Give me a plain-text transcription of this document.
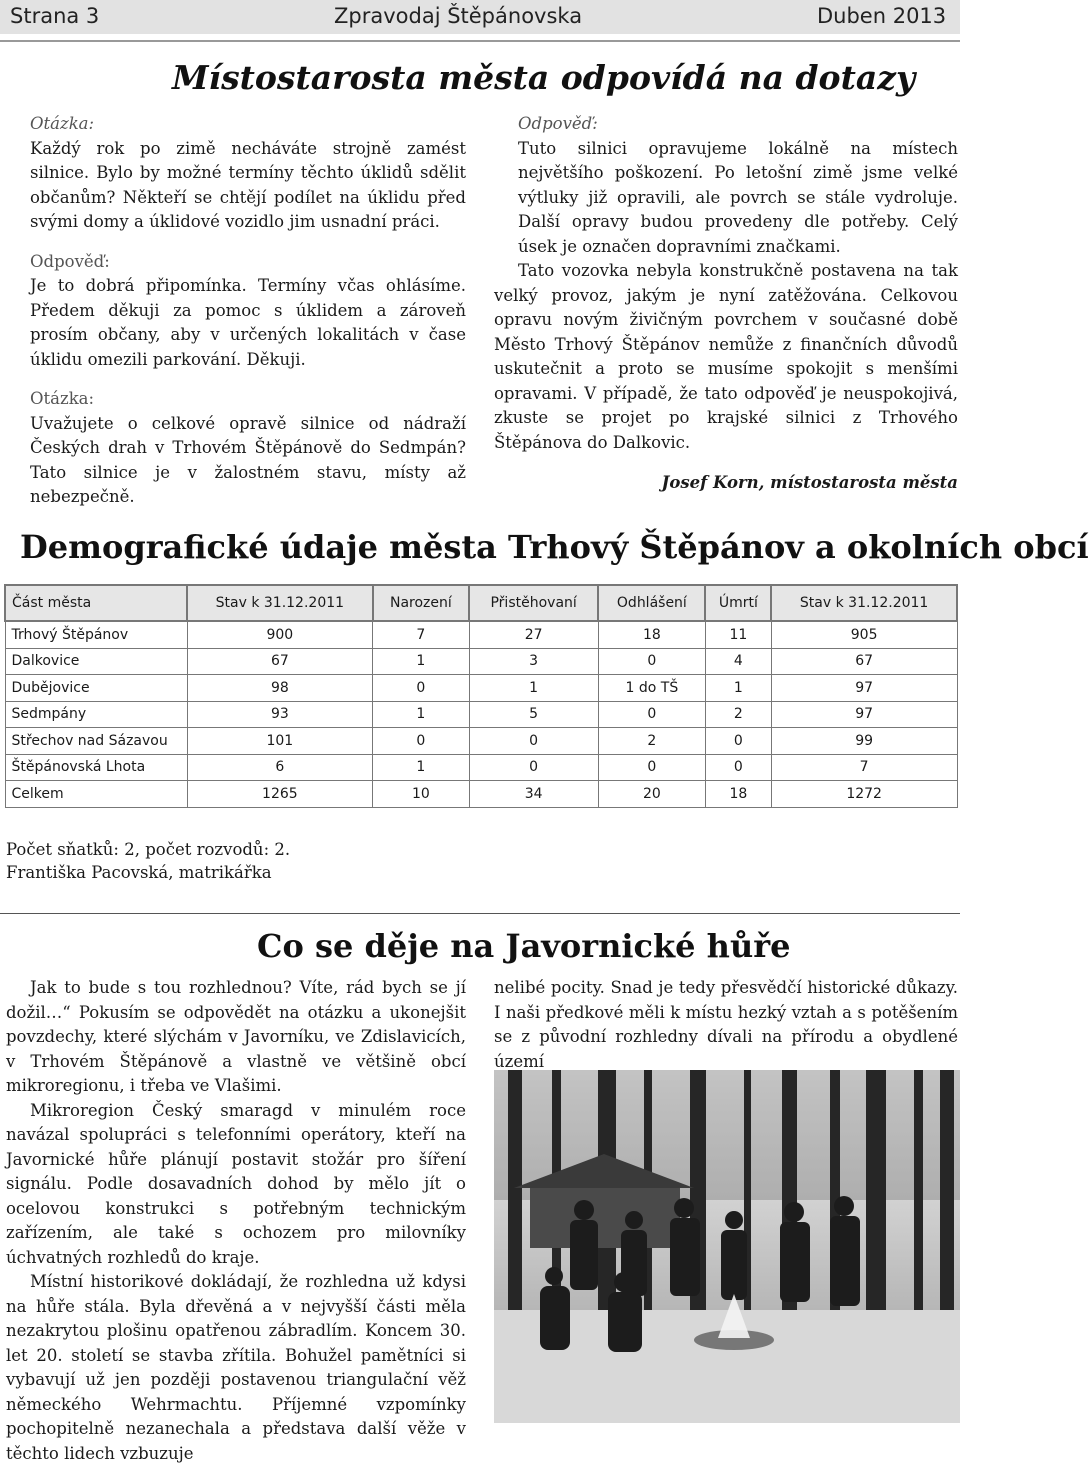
Strana 3	Zpravodaj Štěpánovska	Duben 2013
Místostarosta města odpovídá na dotazy

Otázka:

Každý rok po zimě necháváte strojně zamést silnice. Bylo by možné termíny těchto úklidů sdělit občanům? Někteří se chtějí podílet na úklidu před svými domy a úklidové vozidlo jim usnadní práci.

Odpověď:

Je to dobrá připomínka. Termíny včas ohlásíme. Předem děkuji za pomoc s úklidem a zároveň prosím občany, aby v určených lokalitách v čase úklidu omezili parkování. Děkuji.

Otázka:

Uvažujete o celkové opravě silnice od nádraží Českých drah v Trhovém Štěpánově do Sedmpán? Tato silnice je v žalostném stavu, místy až nebezpečně.

Odpověď:

Tuto silnici opravujeme lokálně na místech největšího poškození. Po letošní zimě jsme velké výtluky již opravili, ale povrch se stále vydroluje. Další opravy budou provedeny dle potřeby. Celý úsek je označen dopravními značkami.

Tato vozovka nebyla konstrukčně postavena na tak velký provoz, jakým je nyní zatěžována. Celkovou opravu novým živičným povrchem v současné době Město Trhový Štěpánov nemůže z finančních důvodů uskutečnit a proto se musíme spokojit s menšími opravami. V případě, že tato odpověď je neuspokojivá, zkuste se projet po krajské silnici z Trhového Štěpánova do Dalkovic.

Josef Korn, místostarosta města

Demografické údaje města Trhový Štěpánov a okolních obcí
Část města	Stav k 31.12.2011	Narození	Přistěhovaní	Odhlášení	Úmrtí	Stav k 31.12.2011
Trhový Štěpánov	900	7	27	18	11	905
Dalkovice	67	1	3	0	4	67
Dubějovice	98	0	1	1 do TŠ	1	97
Sedmpány	93	1	5	0	2	97
Střechov nad Sázavou	101	0	0	2	0	99
Štěpánovská Lhota	6	1	0	0	0	7
Celkem	1265	10	34	20	18	1272

Počet sňatků: 2, počet rozvodů: 2.

Františka Pacovská, matrikářka

Co se děje na Javornické hůře

Jak to bude s tou rozhlednou? Víte, rád bych se jí dožil…“ Pokusím se odpovědět na otázku a ukonejšit povzdechy, které slýchám v Javorníku, ve Zdislavicích, v Trhovém Štěpánově a vlastně ve většině obcí mikroregionu, i třeba ve Vlašimi.

Mikroregion Český smaragd v minulém roce navázal spolupráci s telefonními operátory, kteří na Javornické hůře plánují postavit stožár pro šíření signálu. Podle dosavadních dohod by mělo jít o ocelovou konstrukci s potřebným technickým zařízením, ale také s ochozem pro milovníky úchvatných rozhledů do kraje.

Místní historikové dokládají, že rozhledna už kdysi na hůře stála. Byla dřevěná a v nejvyšší části měla nezakrytou plošinu opatřenou zábradlím. Koncem 30. let 20. století se stavba zřítila. Bohužel pamětníci si vybavují už jen později postavenou triangulační věž německého Wehrmachtu. Příjemné vzpomínky pochopitelně nezanechala a představa další věže v těchto lidech vzbuzuje

nelibé pocity. Snad je tedy přesvědčí historické důkazy. I naši předkové měli k místu hezký vztah a s potěšením se z původní rozhledny dívali na přírodu a obydlené území
